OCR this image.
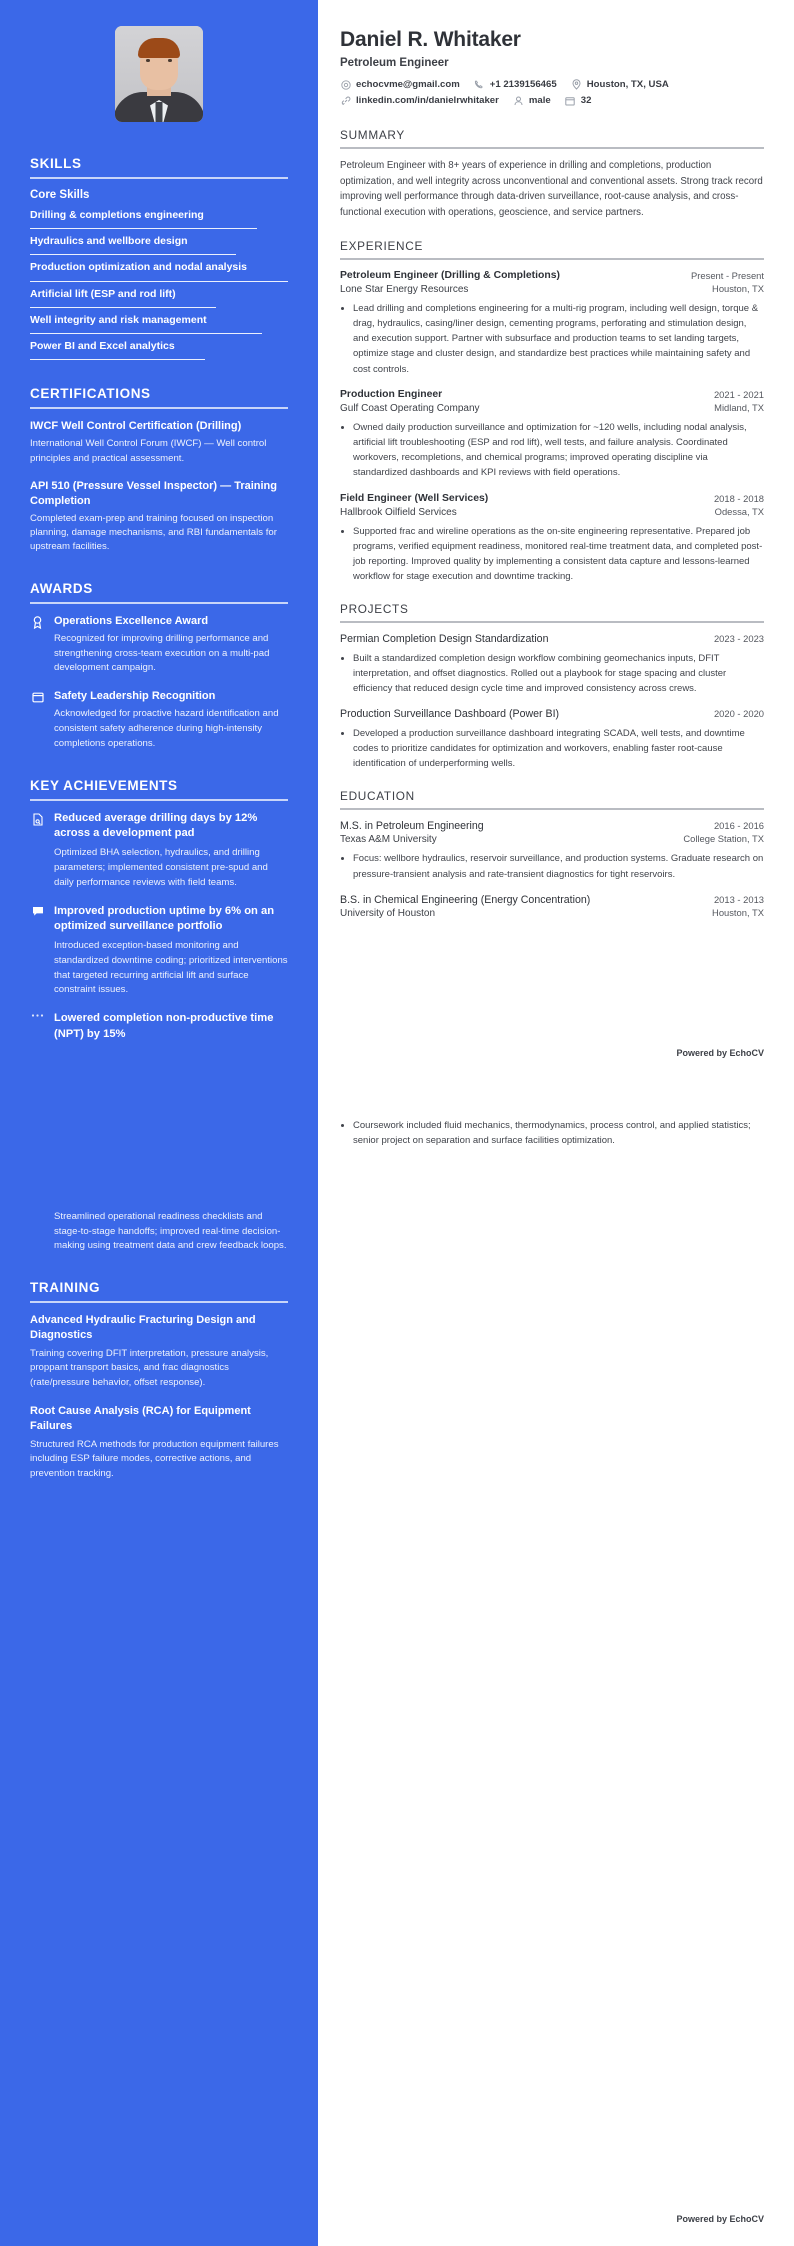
SKILLS
Core Skills
Drilling & completions engineering
Hydraulics and wellbore design
Production optimization and nodal analysis
Artificial lift (ESP and rod lift)
Well integrity and risk management
Power BI and Excel analytics
CERTIFICATIONS
IWCF Well Control Certification (Drilling)
International Well Control Forum (IWCF) — Well control principles and practical assessment.
API 510 (Pressure Vessel Inspector) — Training Completion
Completed exam-prep and training focused on inspection planning, damage mechanisms, and RBI fundamentals for upstream facilities.
AWARDS
Operations Excellence Award
Recognized for improving drilling performance and strengthening cross-team execution on a multi-pad development campaign.
Safety Leadership Recognition
Acknowledged for proactive hazard identification and consistent safety adherence during high-intensity completions operations.
KEY ACHIEVEMENTS
Reduced average drilling days by 12% across a development pad
Optimized BHA selection, hydraulics, and drilling parameters; implemented consistent pre-spud and daily performance reviews with field teams.
Improved production uptime by 6% on an optimized surveillance portfolio
Introduced exception-based monitoring and standardized downtime coding; prioritized interventions that targeted recurring artificial lift and surface constraint issues.
Lowered completion non-productive time (NPT) by 15%
Streamlined operational readiness checklists and stage-to-stage handoffs; improved real-time decision-making using treatment data and crew feedback loops.
TRAINING
Advanced Hydraulic Fracturing Design and Diagnostics
Training covering DFIT interpretation, pressure analysis, proppant transport basics, and frac diagnostics (rate/pressure behavior, offset response).
Root Cause Analysis (RCA) for Equipment Failures
Structured RCA methods for production equipment failures including ESP failure modes, corrective actions, and prevention tracking.
Daniel R. Whitaker
Petroleum Engineer
echocvme@gmail.com	+1 2139156465	Houston, TX, USA
linkedin.com/in/danielrwhitaker	male	32
SUMMARY

Petroleum Engineer with 8+ years of experience in drilling and completions, production optimization, and well integrity across unconventional and conventional assets. Strong track record improving well performance through data-driven surveillance, root-cause analysis, and cross-functional execution with operations, geoscience, and service partners.

EXPERIENCE
Petroleum Engineer (Drilling & Completions)	Present - Present
Lone Star Energy Resources	Houston, TX
• Lead drilling and completions engineering for a multi-rig program, including well design, torque & drag, hydraulics, casing/liner design, cementing programs, perforating and stimulation design, and execution support. Partner with subsurface and production teams to set landing targets, optimize stage and cluster design, and standardize best practices while maintaining safety and cost controls.
Production Engineer	2021 - 2021
Gulf Coast Operating Company	Midland, TX
• Owned daily production surveillance and optimization for ~120 wells, including nodal analysis, artificial lift troubleshooting (ESP and rod lift), well tests, and failure analysis. Coordinated workovers, recompletions, and chemical programs; improved operating discipline via standardized dashboards and KPI reviews with field operations.
Field Engineer (Well Services)	2018 - 2018
Hallbrook Oilfield Services	Odessa, TX
• Supported frac and wireline operations as the on-site engineering representative. Prepared job programs, verified equipment readiness, monitored real-time treatment data, and completed post-job reporting. Improved quality by implementing a consistent data capture and lessons-learned workflow for stage execution and downtime tracking.
PROJECTS
Permian Completion Design Standardization	2023 - 2023
• Built a standardized completion design workflow combining geomechanics inputs, DFIT interpretation, and offset diagnostics. Rolled out a playbook for stage spacing and cluster efficiency that reduced design cycle time and improved consistency across crews.
Production Surveillance Dashboard (Power BI)	2020 - 2020
• Developed a production surveillance dashboard integrating SCADA, well tests, and downtime codes to prioritize candidates for optimization and workovers, enabling faster root-cause identification of underperforming wells.
EDUCATION
M.S. in Petroleum Engineering	2016 - 2016
Texas A&M University	College Station, TX
• Focus: wellbore hydraulics, reservoir surveillance, and production systems. Graduate research on pressure-transient analysis and rate-transient diagnostics for tight reservoirs.
B.S. in Chemical Engineering (Energy Concentration)	2013 - 2013
University of Houston	Houston, TX
Powered by EchoCV
• Coursework included fluid mechanics, thermodynamics, process control, and applied statistics; senior project on separation and surface facilities optimization.
Powered by EchoCV
